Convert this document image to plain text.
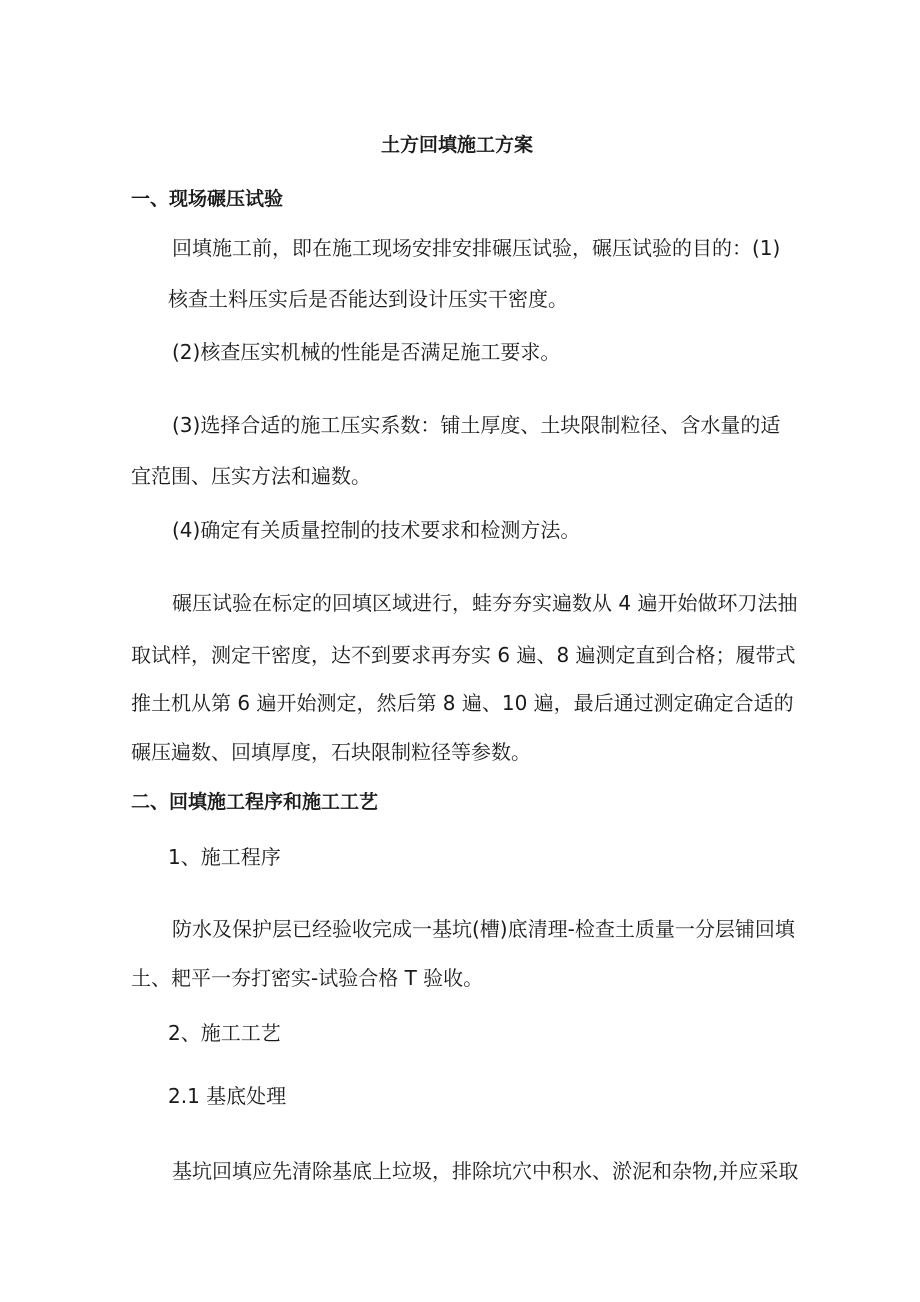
土方回填施工方案
一、现场碾压试验
回填施工前，即在施工现场安排安排碾压试验，碾压试验的目的：(1)
核查土料压实后是否能达到设计压实干密度。
(2)核查压实机械的性能是否满足施工要求。
(3)选择合适的施工压实系数：铺土厚度、土块限制粒径、含水量的适
宜范围、压实方法和遍数。
(4)确定有关质量控制的技术要求和检测方法。
碾压试验在标定的回填区域进行，蛙夯夯实遍数从 4 遍开始做环刀法抽
取试样，测定干密度，达不到要求再夯实 6 遍、8 遍测定直到合格；履带式
推土机从第 6 遍开始测定，然后第 8 遍、10 遍，最后通过测定确定合适的
碾压遍数、回填厚度，石块限制粒径等参数。
二、回填施工程序和施工工艺
1、施工程序
防水及保护层已经验收完成一基坑(槽)底清理-检查土质量一分层铺回填
土、耙平一夯打密实-试验合格 T 验收。
2、施工工艺
2.1 基底处理
基坑回填应先清除基底上垃圾，排除坑穴中积水、淤泥和杂物,并应采取
